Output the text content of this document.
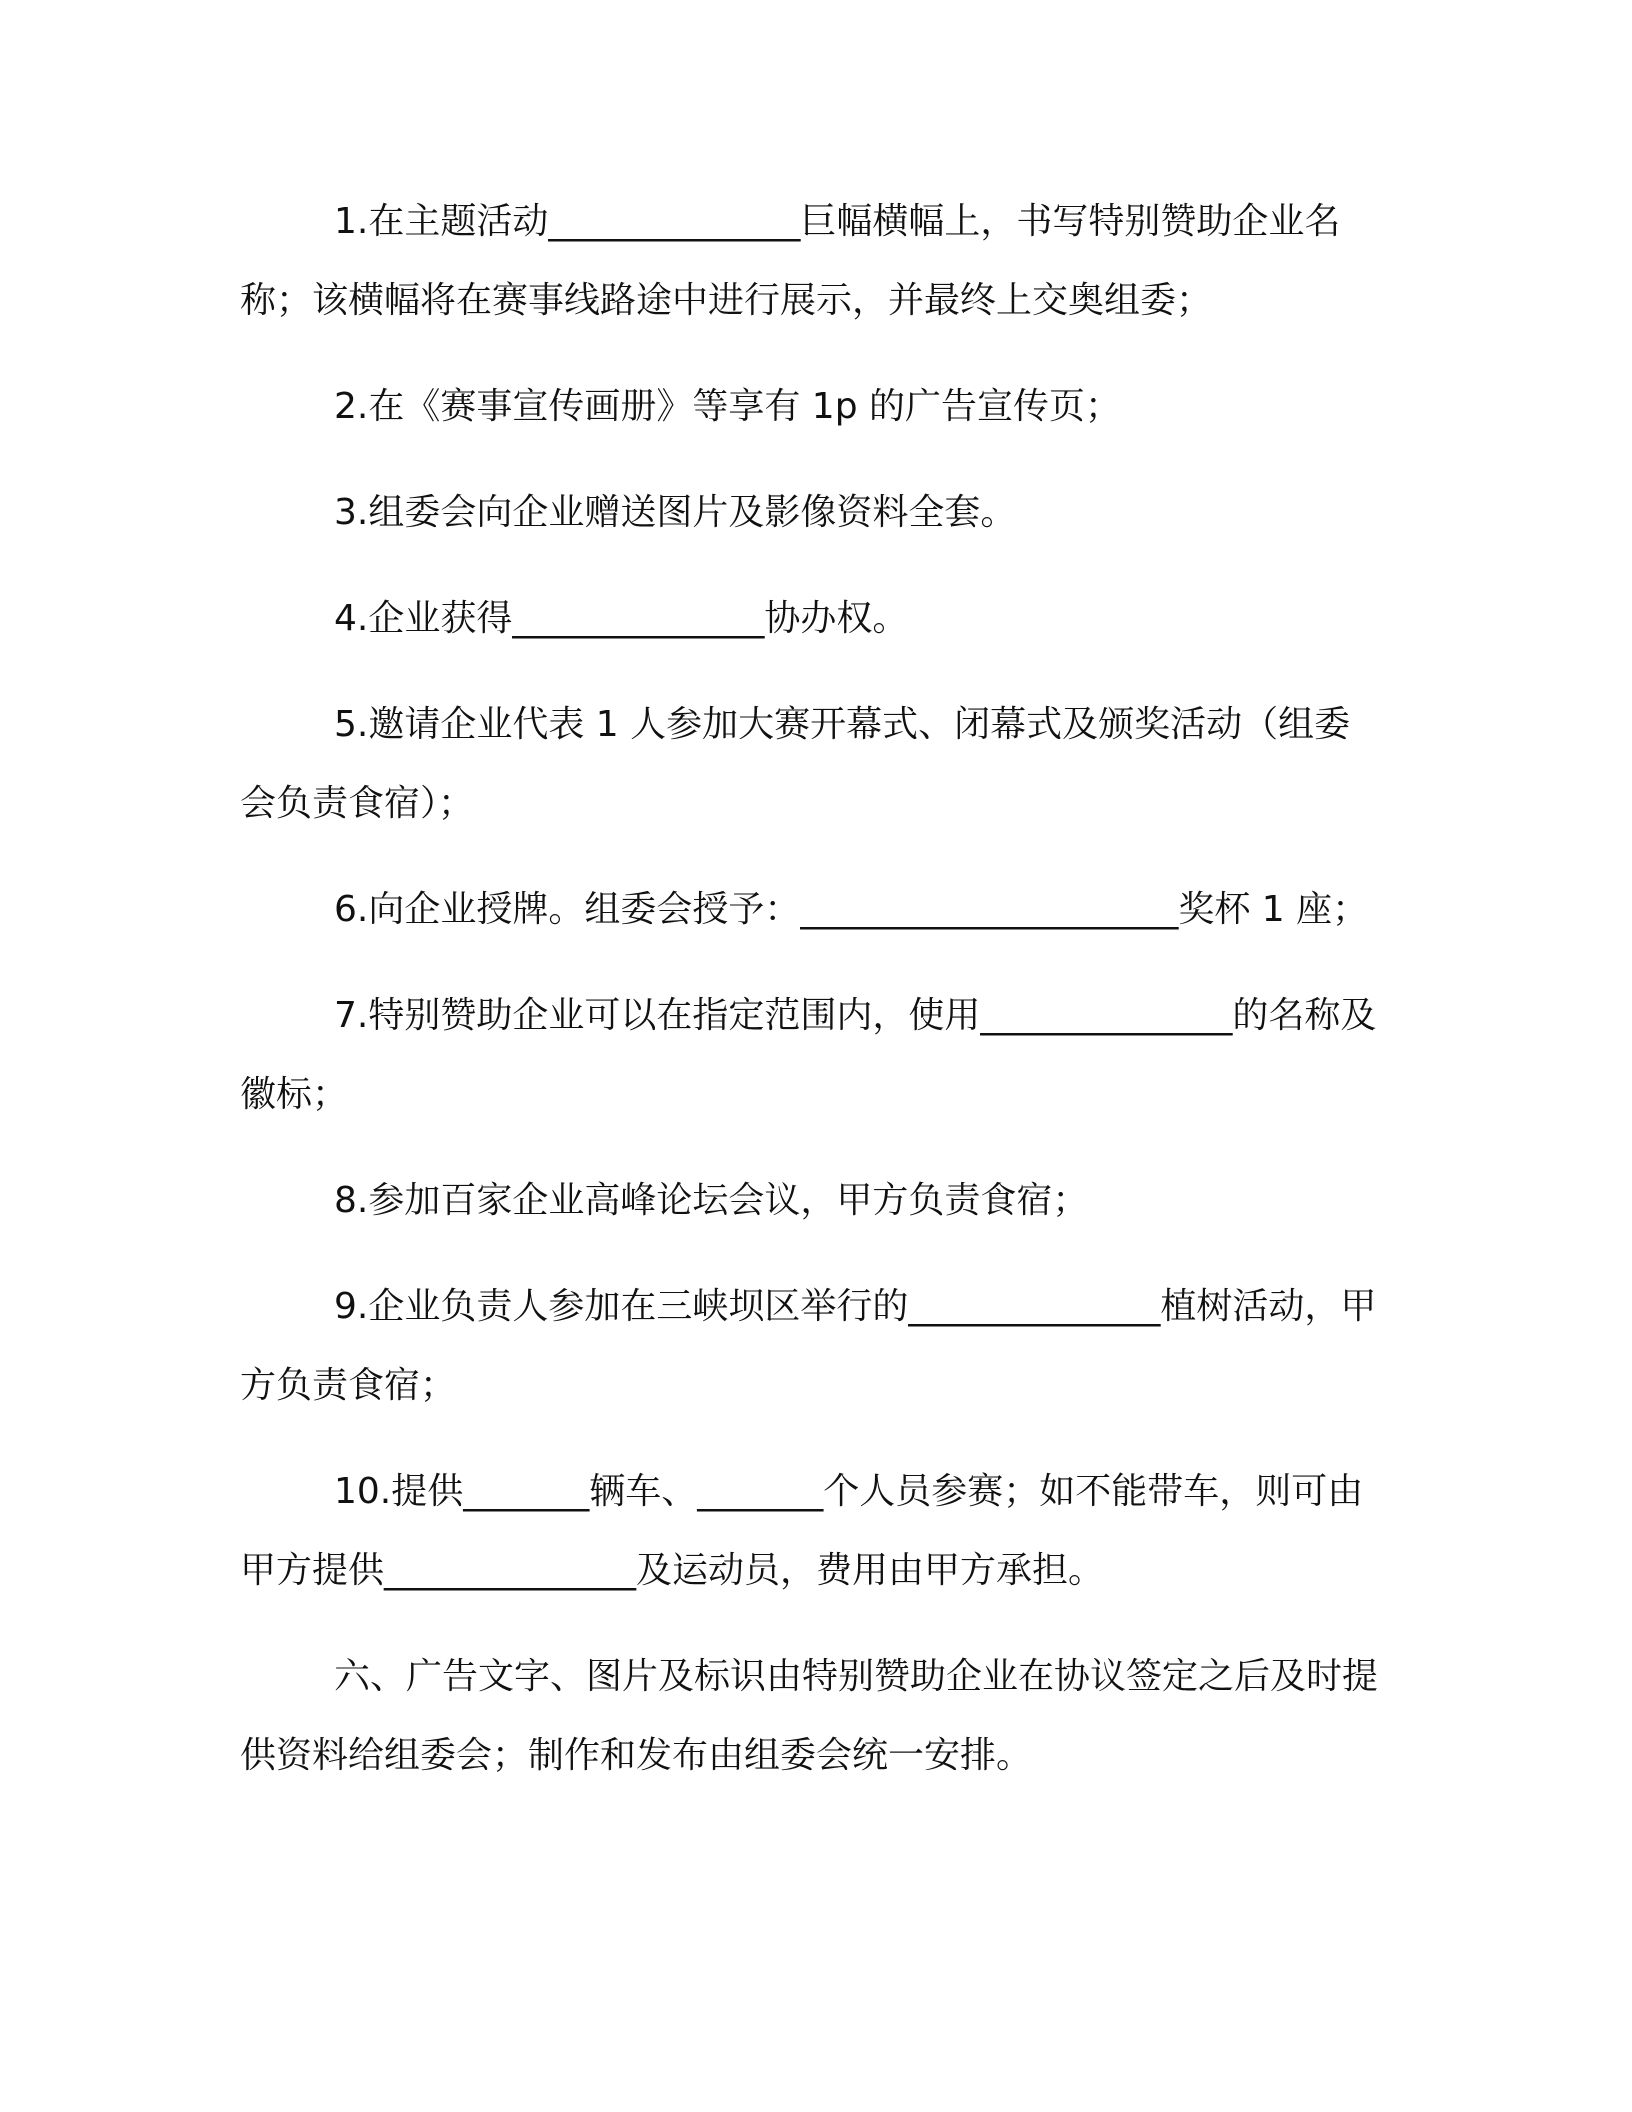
1.在主题活动______________巨幅横幅上，书写特别赞助企业名称；该横幅将在赛事线路途中进行展示，并最终上交奥组委；

2.在《赛事宣传画册》等享有 1p 的广告宣传页；

3.组委会向企业赠送图片及影像资料全套。

4.企业获得______________协办权。

5.邀请企业代表 1 人参加大赛开幕式、闭幕式及颁奖活动（组委会负责食宿）；

6.向企业授牌。组委会授予：_____________________奖杯 1 座；

7.特别赞助企业可以在指定范围内，使用______________的名称及徽标；

8.参加百家企业高峰论坛会议，甲方负责食宿；

9.企业负责人参加在三峡坝区举行的______________植树活动，甲方负责食宿；

10.提供_______辆车、_______个人员参赛；如不能带车，则可由甲方提供______________及运动员，费用由甲方承担。

六、广告文字、图片及标识由特别赞助企业在协议签定之后及时提供资料给组委会；制作和发布由组委会统一安排。
